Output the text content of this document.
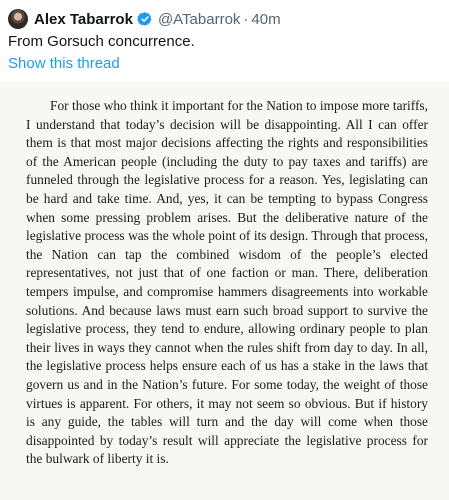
Alex Tabarrok @ATabarrok · 40m
From Gorsuch concurrence.
Show this thread

For those who think it important for the Nation to impose more tariffs, I understand that today’s decision will be disappointing. All I can offer them is that most major decisions affecting the rights and responsibilities of the American people (including the duty to pay taxes and tariffs) are funneled through the legislative process for a reason. Yes, legislating can be hard and take time. And, yes, it can be tempting to bypass Congress when some pressing problem arises. But the deliberative nature of the legislative process was the whole point of its design. Through that process, the Nation can tap the combined wisdom of the people’s elected representatives, not just that of one faction or man. There, deliberation tempers impulse, and compromise hammers disagreements into workable solutions. And because laws must earn such broad support to survive the legislative process, they tend to endure, allowing ordinary people to plan their lives in ways they cannot when the rules shift from day to day. In all, the legislative process helps ensure each of us has a stake in the laws that govern us and in the Nation’s future. For some today, the weight of those virtues is apparent. For others, it may not seem so obvious. But if history is any guide, the tables will turn and the day will come when those disappointed by today’s result will appreciate the legislative process for the bulwark of liberty it is.
